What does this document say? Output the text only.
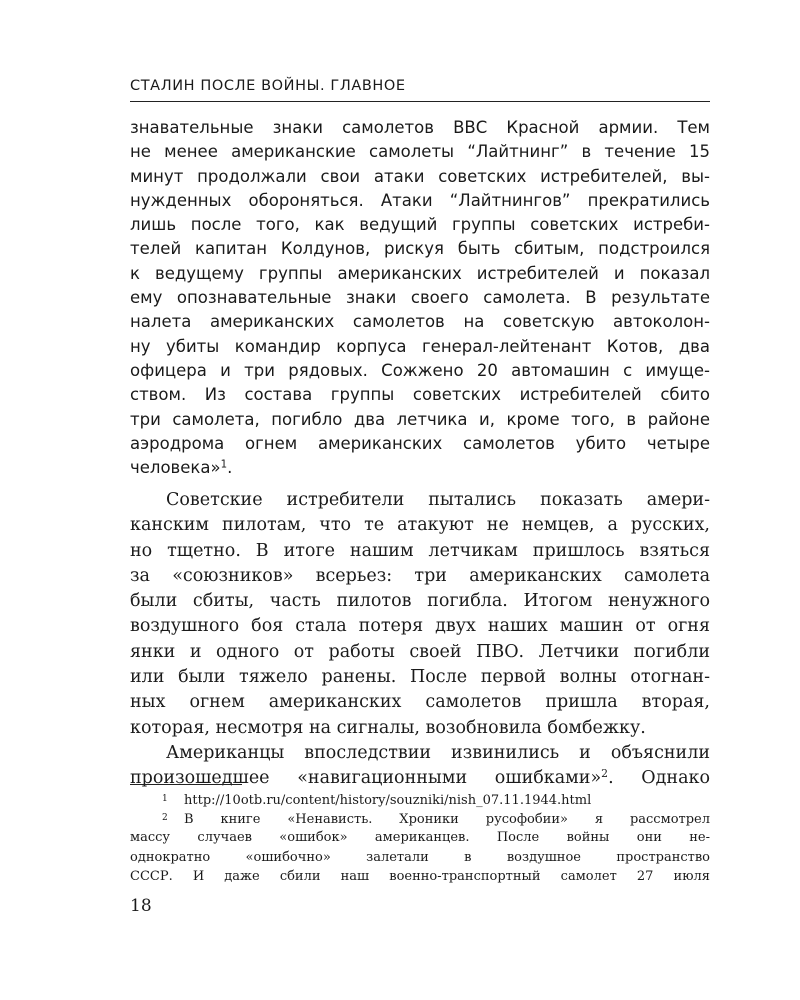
СТАЛИН ПОСЛЕ ВОЙНЫ. ГЛАВНОЕ
знавательные знаки самолетов ВВС Красной армии. Тем
не менее американские самолеты “Лайтнинг” в течение 15
минут продолжали свои атаки советских истребителей, вы-
нужденных обороняться. Атаки “Лайтнингов” прекратились
лишь после того, как ведущий группы советских истреби-
телей капитан Колдунов, рискуя быть сбитым, подстроился
к ведущему группы американских истребителей и показал
ему опознавательные знаки своего самолета. В результате
налета американских самолетов на советскую автоколон-
ну убиты командир корпуса генерал-лейтенант Котов, два
офицера и три рядовых. Сожжено 20 автомашин с имуще-
ством. Из состава группы советских истребителей сбито
три самолета, погибло два летчика и, кроме того, в районе
аэродрома огнем американских самолетов убито четыре
человека»$^1$.
Советские истребители пытались показать амери-
канским пилотам, что те атакуют не немцев, а русских,
но тщетно. В итоге нашим летчикам пришлось взяться
за «союзников» всерьез: три американских самолета
были сбиты, часть пилотов погибла. Итогом ненужного
воздушного боя стала потеря двух наших машин от огня
янки и одного от работы своей ПВО. Летчики погибли
или были тяжело ранены. После первой волны отогнан-
ных огнем американских самолетов пришла вторая,
которая, несмотря на сигналы, возобновила бомбежку.
Американцы впоследствии извинились и объяснили
произошедшее «навигационными ошибками»$^2$. Однако
1 http://10otb.ru/content/history/souzniki/nish_07.11.1944.html
2 В книге «Ненависть. Хроники русофобии» я рассмотрел
массу случаев «ошибок» американцев. После войны они не-
однократно «ошибочно» залетали в воздушное пространство
СССР. И даже сбили наш военно-транспортный самолет 27 июля
18
